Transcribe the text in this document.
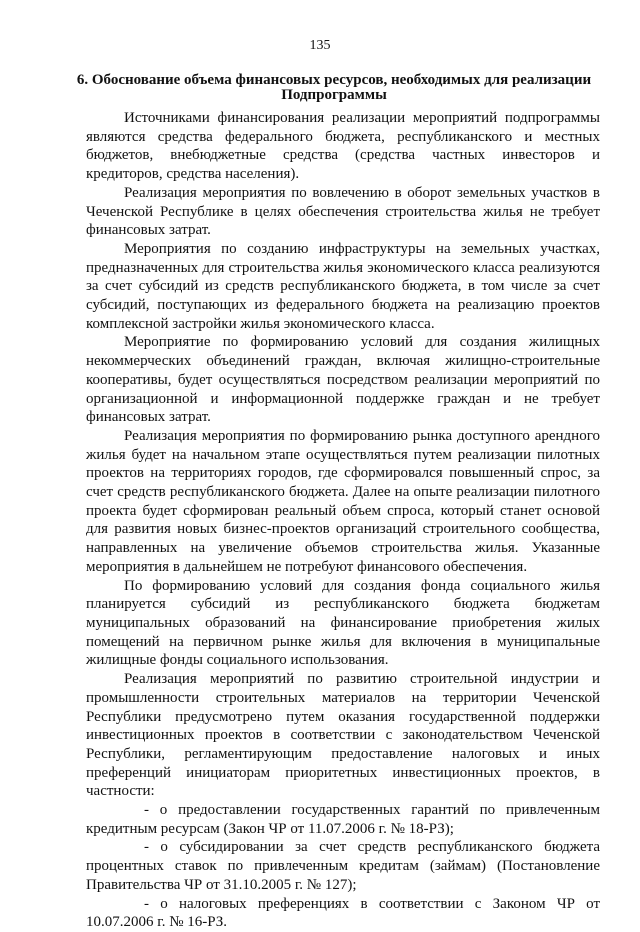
135
6. Обоснование объема финансовых ресурсов, необходимых для реализации Подпрограммы

Источниками финансирования реализации мероприятий подпрограммы являются средства федерального бюджета, республиканского и местных бюджетов, внебюджетные средства (средства частных инвесторов и кредиторов, средства населения).

Реализация мероприятия по вовлечению в оборот земельных участков в Чеченской Республике в целях обеспечения строительства жилья не требует финансовых затрат.

Мероприятия по созданию инфраструктуры на земельных участках, предназначенных для строительства жилья экономического класса реализуются за счет субсидий из средств республиканского бюджета, в том числе за счет субсидий, поступающих из федерального бюджета на реализацию проектов комплексной застройки жилья экономического класса.

Мероприятие по формированию условий для создания жилищных некоммерческих объединений граждан, включая жилищно-строительные кооперативы, будет осуществляться посредством реализации мероприятий по организационной и информационной поддержке граждан и не требует финансовых затрат.

Реализация мероприятия по формированию рынка доступного арендного жилья будет на начальном этапе осуществляться путем реализации пилотных проектов на территориях городов, где сформировался повышенный спрос, за счет средств республиканского бюджета. Далее на опыте реализации пилотного проекта будет сформирован реальный объем спроса, который станет основой для развития новых бизнес-проектов организаций строительного сообщества, направленных на увеличение объемов строительства жилья. Указанные мероприятия в дальнейшем не потребуют финансового обеспечения.

По формированию условий для создания фонда социального жилья планируется субсидий из республиканского бюджета бюджетам муниципальных образований на финансирование приобретения жилых помещений на первичном рынке жилья для включения в муниципальные жилищные фонды социального использования.

Реализация мероприятий по развитию строительной индустрии и промышленности строительных материалов на территории Чеченской Республики предусмотрено путем оказания государственной поддержки инвестиционных проектов в соответствии с законодательством Чеченской Республики, регламентирующим предоставление налоговых и иных преференций инициаторам приоритетных инвестиционных проектов, в частности:

- о предоставлении государственных гарантий по привлеченным кредитным ресурсам (Закон ЧР от 11.07.2006 г. № 18-РЗ);

- о субсидировании за счет средств республиканского бюджета процентных ставок по привлеченным кредитам (займам) (Постановление Правительства ЧР от 31.10.2005 г. № 127);

- о налоговых преференциях в соответствии с Законом ЧР от 10.07.2006 г. № 16-РЗ.
